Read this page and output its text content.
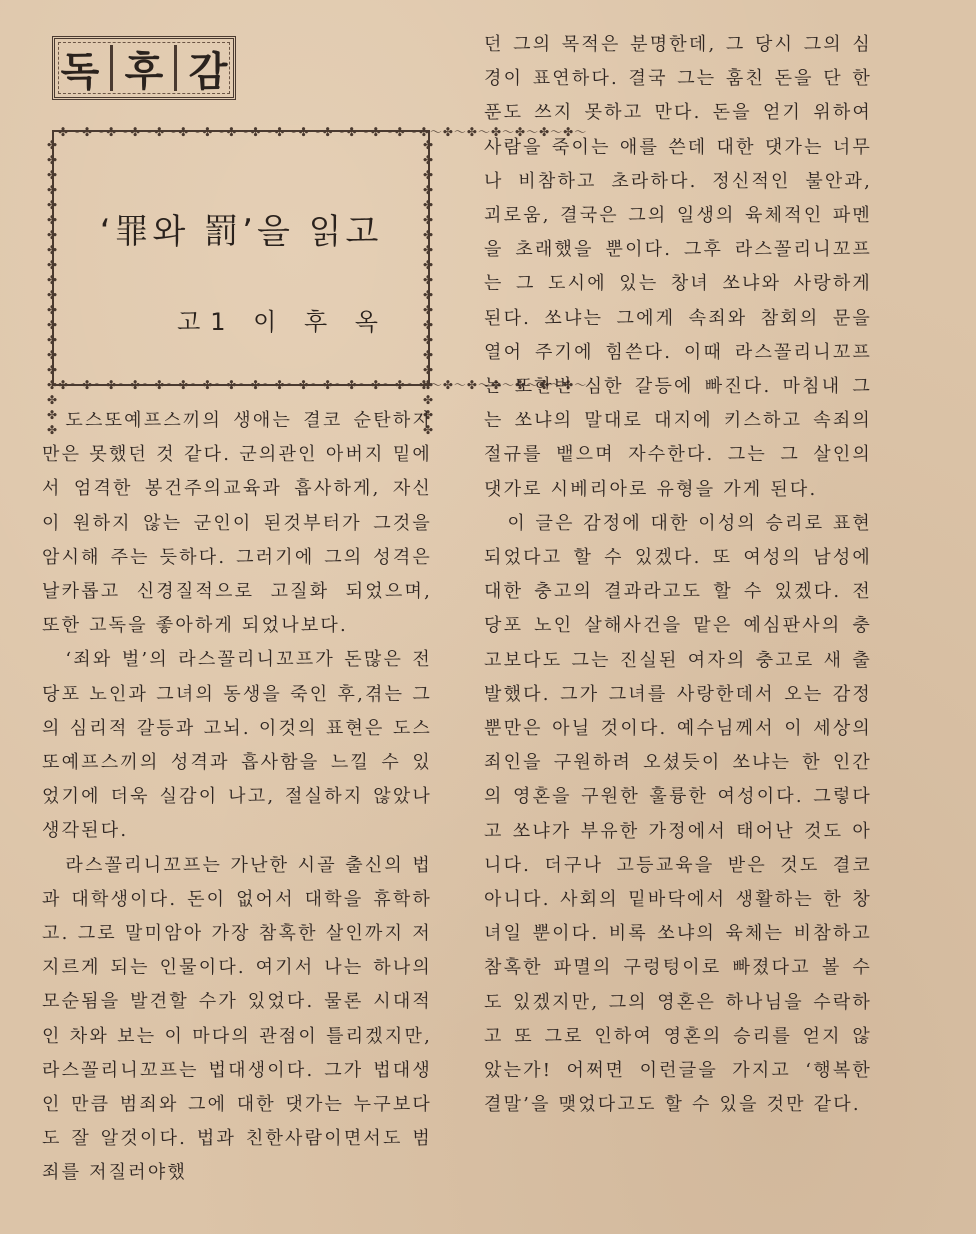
독 후 감
✤︎〜✤︎〜✤︎〜✤︎〜✤︎〜✤︎〜✤︎〜✤︎〜✤︎〜✤︎〜✤︎〜✤︎〜✤︎〜✤︎〜✤︎〜✤︎〜✤︎〜✤︎〜✤︎〜✤︎〜✤︎〜✤︎〜
✤︎〜✤︎〜✤︎〜✤︎〜✤︎〜✤︎〜✤︎〜✤︎〜✤︎〜✤︎〜✤︎〜✤︎〜✤︎〜✤︎〜✤︎〜✤︎〜✤︎〜✤︎〜✤︎〜✤︎〜✤︎〜✤︎〜
✤︎✤︎✤︎✤︎✤︎✤︎✤︎✤︎✤︎✤︎✤︎✤︎✤︎✤︎✤︎✤︎✤︎✤︎✤︎✤︎	✤︎✤︎✤︎✤︎✤︎✤︎✤︎✤︎✤︎✤︎✤︎✤︎✤︎✤︎✤︎✤︎✤︎✤︎✤︎✤︎
‘罪와 罰’을 읽고
고1 이 후 옥

도스또예프스끼의 생애는 결코 순탄하지만은 못했던 것 같다. 군의관인 아버지 밑에서 엄격한 봉건주의교육과 흡사하게, 자신이 원하지 않는 군인이 된것부터가 그것을 암시해 주는 듯하다. 그러기에 그의 성격은 날카롭고 신경질적으로 고질화 되었으며, 또한 고독을 좋아하게 되었나보다.

‘죄와 벌’의 라스꼴리니꼬프가 돈많은 전당포 노인과 그녀의 동생을 죽인 후,겪는 그의 심리적 갈등과 고뇌. 이것의 표현은 도스또예프스끼의 성격과 흡사함을 느낄 수 있었기에 더욱 실감이 나고, 절실하지 않았나 생각된다.

라스꼴리니꼬프는 가난한 시골 출신의 법과 대학생이다. 돈이 없어서 대학을 휴학하고. 그로 말미암아 가장 참혹한 살인까지 저지르게 되는 인물이다. 여기서 나는 하나의 모순됨을 발견할 수가 있었다. 물론 시대적인 차와 보는 이 마다의 관점이 틀리겠지만, 라스꼴리니꼬프는 법대생이다. 그가 법대생인 만큼 범죄와 그에 대한 댓가는 누구보다도 잘 알것이다. 법과 친한사람이면서도 범죄를 저질러야했

던 그의 목적은 분명한데, 그 당시 그의 심경이 표연하다. 결국 그는 훔친 돈을 단 한푼도 쓰지 못하고 만다. 돈을 얻기 위하여 사람을 죽이는 애를 쓴데 대한 댓가는 너무나 비참하고 초라하다. 정신적인 불안과, 괴로움, 결국은 그의 일생의 육체적인 파멘을 초래했을 뿐이다. 그후 라스꼴리니꼬프는 그 도시에 있는 창녀 쏘냐와 사랑하게 된다. 쏘냐는 그에게 속죄와 참회의 문을 열어 주기에 힘쓴다. 이때 라스꼴리니꼬프는 또한번 심한 갈등에 빠진다. 마침내 그는 쏘냐의 말대로 대지에 키스하고 속죄의 절규를 뱉으며 자수한다. 그는 그 살인의 댓가로 시베리아로 유형을 가게 된다.

이 글은 감정에 대한 이성의 승리로 표현되었다고 할 수 있겠다. 또 여성의 남성에 대한 충고의 결과라고도 할 수 있겠다. 전당포 노인 살해사건을 맡은 예심판사의 충고보다도 그는 진실된 여자의 충고로 새 출발했다. 그가 그녀를 사랑한데서 오는 감정 뿐만은 아닐 것이다. 예수님께서 이 세상의 죄인을 구원하려 오셨듯이 쏘냐는 한 인간의 영혼을 구원한 훌륭한 여성이다. 그렇다고 쏘냐가 부유한 가정에서 태어난 것도 아니다. 더구나 고등교육을 받은 것도 결코 아니다. 사회의 밑바닥에서 생활하는 한 창녀일 뿐이다. 비록 쏘냐의 육체는 비참하고 참혹한 파멸의 구렁텅이로 빠졌다고 볼 수도 있겠지만, 그의 영혼은 하나님을 수락하고 또 그로 인하여 영혼의 승리를 얻지 않았는가! 어쩌면 이런글을 가지고 ‘행복한 결말’을 맺었다고도 할 수 있을 것만 같다.
